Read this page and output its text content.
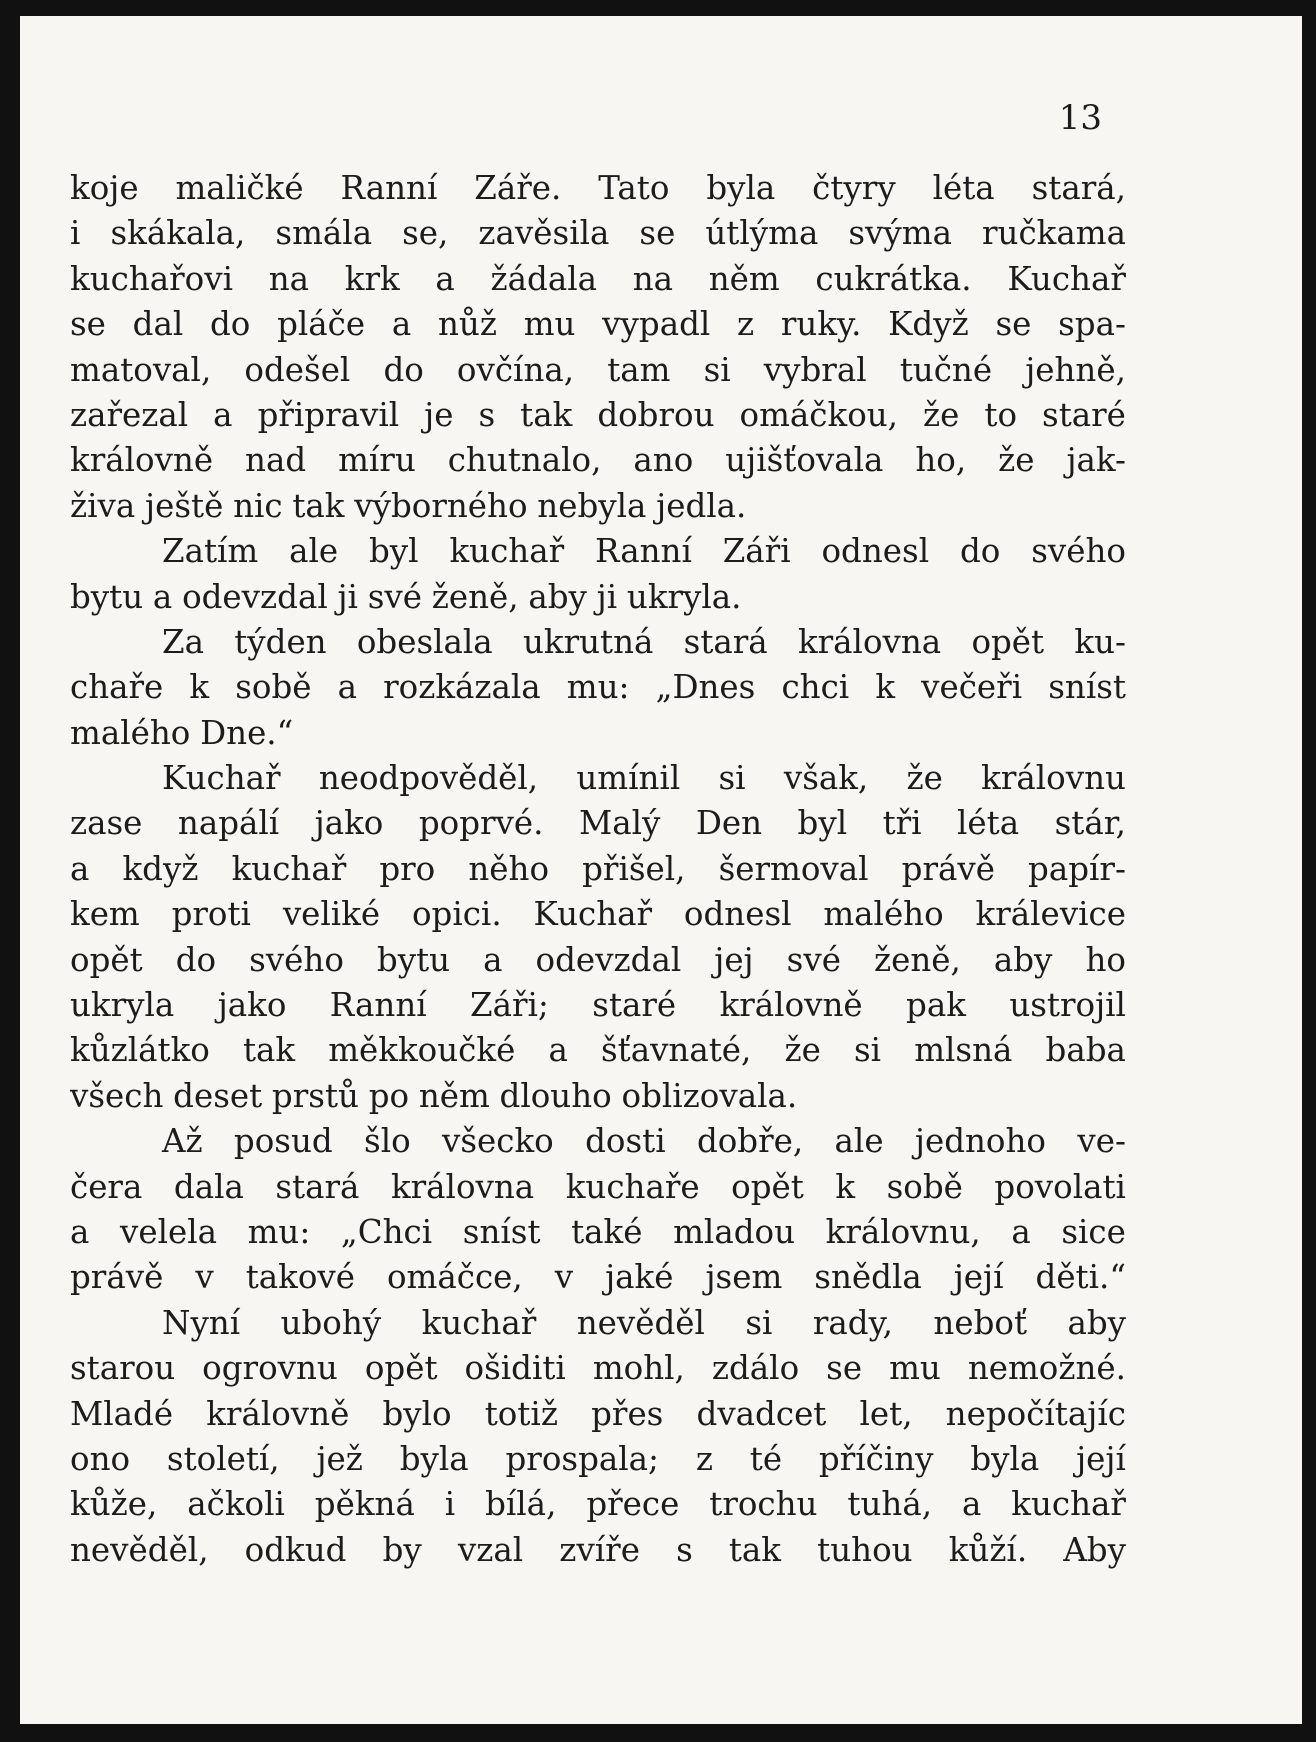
13

koje maličké Ranní Záře. Tato byla čtyry léta stará,
i skákala, smála se, zavěsila se útlýma svýma ručkama
kuchařovi na krk a žádala na něm cukrátka. Kuchař
se dal do pláče a nůž mu vypadl z ruky. Když se spa-
matoval, odešel do ovčína, tam si vybral tučné jehně,
zařezal a připravil je s tak dobrou omáčkou, že to staré
královně nad míru chutnalo, ano ujišťovala ho, že jak-
živa ještě nic tak výborného nebyla jedla.
Zatím ale byl kuchař Ranní Záři odnesl do svého
bytu a odevzdal ji své ženě, aby ji ukryla.
Za týden obeslala ukrutná stará královna opět ku-
chaře k sobě a rozkázala mu: „Dnes chci k večeři sníst
malého Dne.“
Kuchař neodpověděl, umínil si však, že královnu
zase napálí jako poprvé. Malý Den byl tři léta stár,
a když kuchař pro něho přišel, šermoval právě papír-
kem proti veliké opici. Kuchař odnesl malého králevice
opět do svého bytu a odevzdal jej své ženě, aby ho
ukryla jako Ranní Záři; staré královně pak ustrojil
kůzlátko tak měkkoučké a šťavnaté, že si mlsná baba
všech deset prstů po něm dlouho oblizovala.
Až posud šlo všecko dosti dobře, ale jednoho ve-
čera dala stará královna kuchaře opět k sobě povolati
a velela mu: „Chci sníst také mladou královnu, a sice
právě v takové omáčce, v jaké jsem snědla její děti.“
Nyní ubohý kuchař nevěděl si rady, neboť aby
starou ogrovnu opět ošiditi mohl, zdálo se mu nemožné.
Mladé královně bylo totiž přes dvadcet let, nepočítajíc
ono století, jež byla prospala; z té příčiny byla její
kůže, ačkoli pěkná i bílá, přece trochu tuhá, a kuchař
nevěděl, odkud by vzal zvíře s tak tuhou kůží. Aby
